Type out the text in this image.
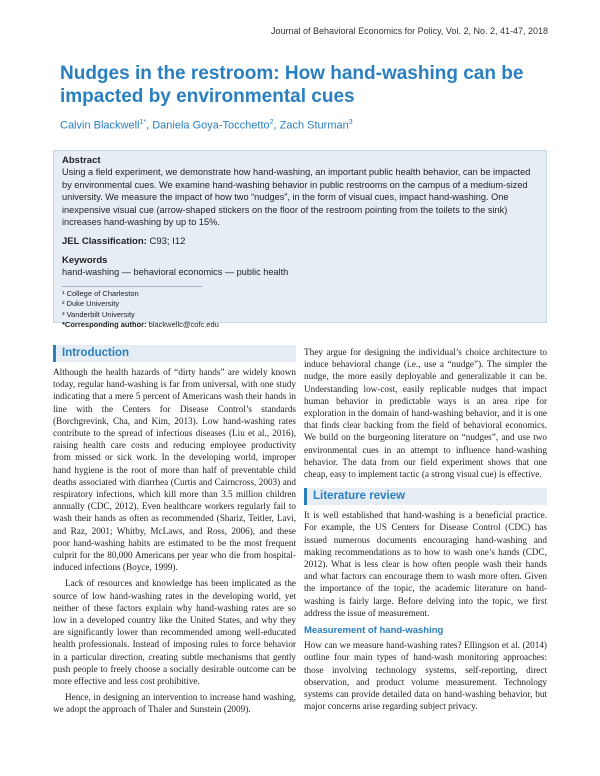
Journal of Behavioral Economics for Policy, Vol. 2, No. 2, 41-47, 2018
Nudges in the restroom: How hand-washing can be
impacted by environmental cues
Calvin Blackwell$^{1*}$, Daniela Goya-Tocchetto$^2$, Zach Sturman$^3$
Abstract
Using a field experiment, we demonstrate how hand-washing, an important public health behavior, can be impacted by environmental cues. We examine hand-washing behavior in public restrooms on the campus of a medium-sized university. We measure the impact of how two “nudges”, in the form of visual cues, impact hand-washing. One inexpensive visual cue (arrow-shaped stickers on the floor of the restroom pointing from the toilets to the sink) increases hand-washing by up to 15%.
JEL Classification: C93; I12
Keywords
hand-washing — behavioral economics — public health
¹ College of Charleston
² Duke University
³ Vanderbilt University
*Corresponding author: blackwellc@cofc.edu
Introduction

Although the health hazards of “dirty hands” are widely known today, regular hand-washing is far from universal, with one study indicating that a mere 5 percent of Americans wash their hands in line with the Centers for Disease Control’s standards (Borchgrevink, Cha, and Kim, 2013). Low hand-washing rates contribute to the spread of infectious diseases (Liu et al., 2016), raising health care costs and reducing employee productivity from missed or sick work. In the developing world, improper hand hygiene is the root of more than half of preventable child deaths associated with diarrhea (Curtis and Cairncross, 2003) and respiratory infections, which kill more than 3.5 million children annually (CDC, 2012). Even healthcare workers regularly fail to wash their hands as often as recommended (Shariz, Teitler, Lavi, and Raz, 2001; Whitby, McLaws, and Ross, 2006), and these poor hand-washing habits are estimated to be the most frequent culprit for the 80,000 Americans per year who die from hospital-induced infections (Boyce, 1999).

Lack of resources and knowledge has been implicated as the source of low hand-washing rates in the developing world, yet neither of these factors explain why hand-washing rates are so low in a developed country like the United States, and why they are significantly lower than recommended among well-educated health professionals. Instead of imposing rules to force behavior in a particular direction, creating subtle mechanisms that gently push people to freely choose a socially desirable outcome can be more effective and less cost prohibitive.

Hence, in designing an intervention to increase hand washing, we adopt the approach of Thaler and Sunstein (2009).

They argue for designing the individual’s choice architecture to induce behavioral change (i.e., use a “nudge”). The simpler the nudge, the more easily deployable and generalizable it can be. Understanding low-cost, easily replicable nudges that impact human behavior in predictable ways is an area ripe for exploration in the domain of hand-washing behavior, and it is one that finds clear backing from the field of behavioral economics. We build on the burgeoning literature on “nudges”, and use two environmental cues in an attempt to influence hand-washing behavior. The data from our field experiment shows that one cheap, easy to implement tactic (a strong visual cue) is effective.

Literature review

It is well established that hand-washing is a beneficial practice. For example, the US Centers for Disease Control (CDC) has issued numerous documents encouraging hand-washing and making recommendations as to how to wash one’s hands (CDC, 2012). What is less clear is how often people wash their hands and what factors can encourage them to wash more often. Given the importance of the topic, the academic literature on hand-washing is fairly large. Before delving into the topic, we first address the issue of measurement.

Measurement of hand-washing

How can we measure hand-washing rates? Ellingson et al. (2014) outline four main types of hand-wash monitoring approaches: those involving technology systems, self-reporting, direct observation, and product volume measurement. Technology systems can provide detailed data on hand-washing behavior, but major concerns arise regarding subject privacy.
